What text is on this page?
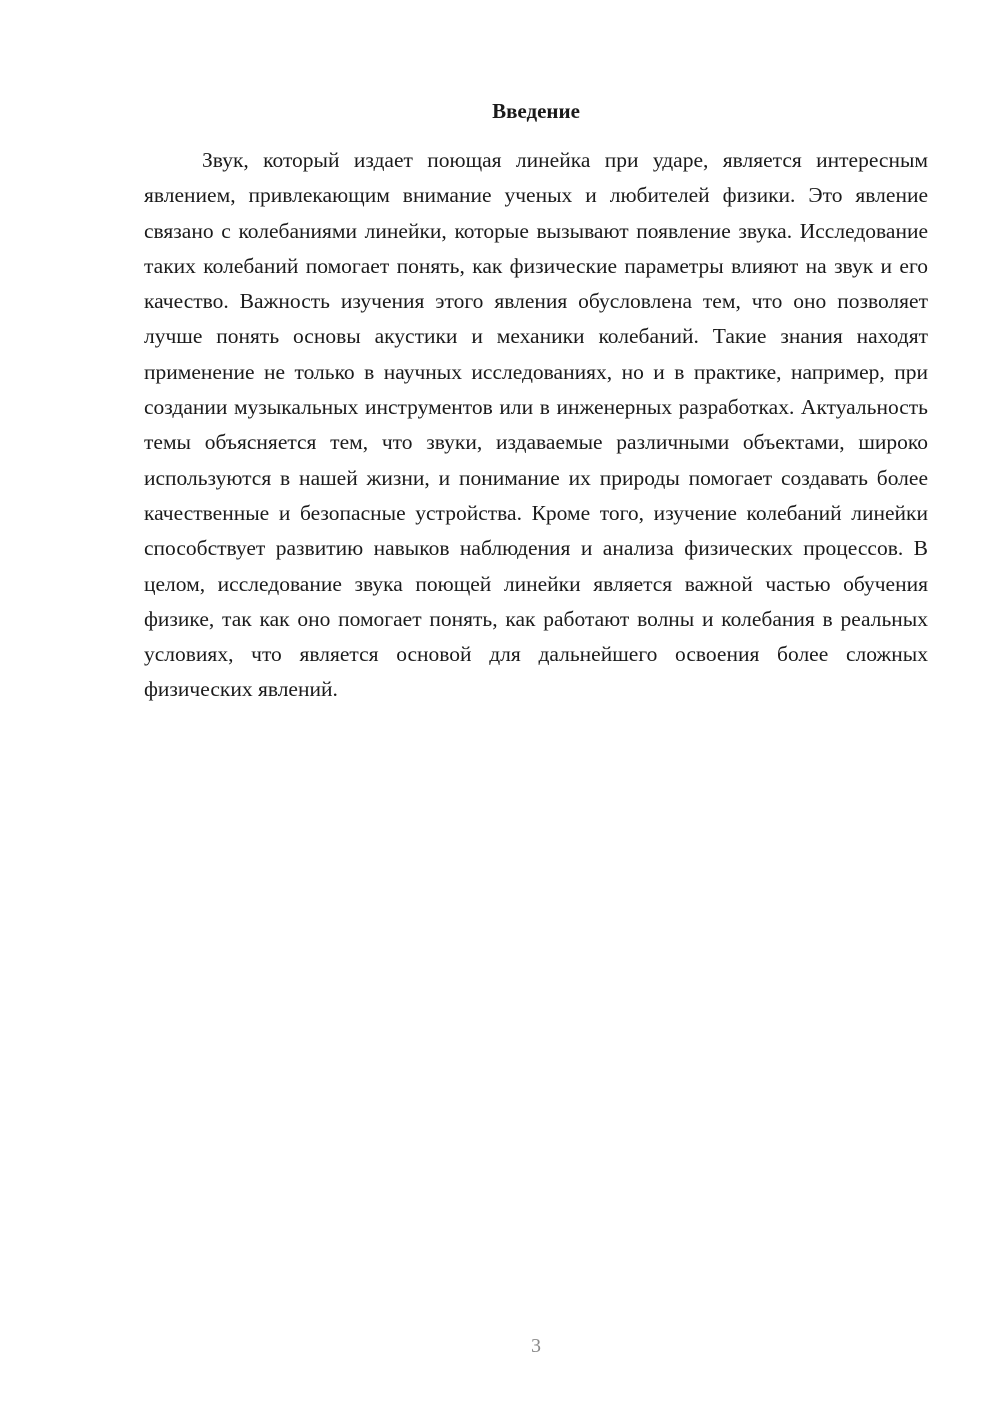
Введение

Звук, который издает поющая линейка при ударе, является интересным явлением, привлекающим внимание ученых и любителей физики. Это явление связано с колебаниями линейки, которые вызывают появление звука. Исследование таких колебаний помогает понять, как физические параметры влияют на звук и его качество. Важность изучения этого явления обусловлена тем, что оно позволяет лучше понять основы акустики и механики колебаний. Такие знания находят применение не только в научных исследованиях, но и в практике, например, при создании музыкальных инструментов или в инженерных разработках. Актуальность темы объясняется тем, что звуки, издаваемые различными объектами, широко используются в нашей жизни, и понимание их природы помогает создавать более качественные и безопасные устройства. Кроме того, изучение колебаний линейки способствует развитию навыков наблюдения и анализа физических процессов. В целом, исследование звука поющей линейки является важной частью обучения физике, так как оно помогает понять, как работают волны и колебания в реальных условиях, что является основой для дальнейшего освоения более сложных физических явлений.

3
